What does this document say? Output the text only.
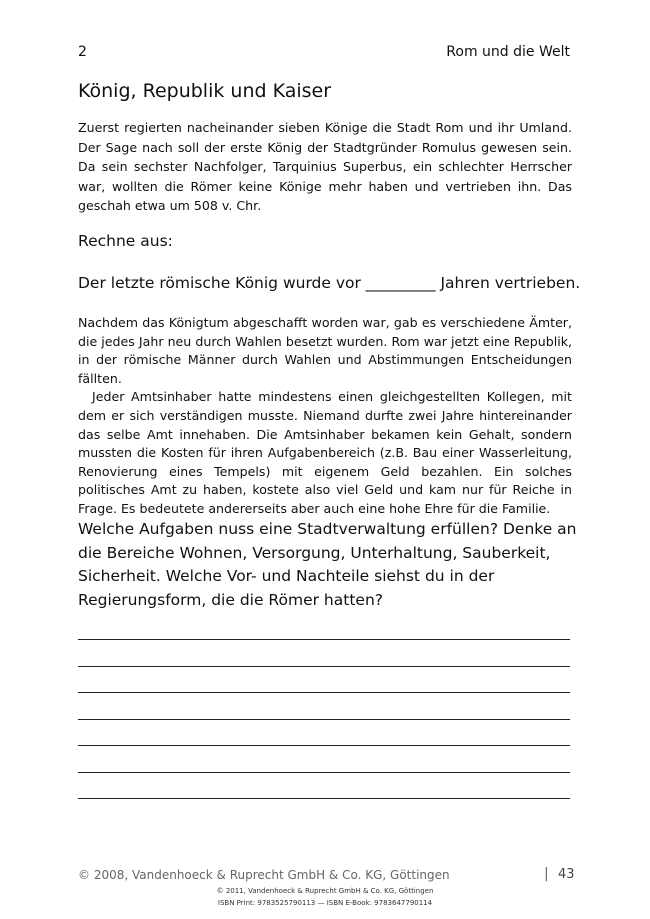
2	Rom und die Welt
König, Republik und Kaiser
Zuerst regierten nacheinander sieben Könige die Stadt Rom und ihr Umland. Der Sage nach soll der erste König der Stadtgründer Romulus gewesen sein. Da sein sechster Nachfolger, Tarquinius Superbus, ein schlechter Herrscher war, wollten die Römer keine Könige mehr haben und vertrieben ihn. Das geschah etwa um 508 v. Chr.
Rechne aus:
Der letzte römische König wurde vor _________ Jahren vertrieben.
Nachdem das Königtum abgeschafft worden war, gab es verschiedene Ämter, die jedes Jahr neu durch Wahlen besetzt wurden. Rom war jetzt eine Republik, in der römische Männer durch Wahlen und Abstimmungen Entscheidungen fällten.
Jeder Amtsinhaber hatte mindestens einen gleichgestellten Kollegen, mit dem er sich verständigen musste. Niemand durfte zwei Jahre hintereinander das selbe Amt innehaben. Die Amtsinhaber bekamen kein Gehalt, sondern mussten die Kosten für ihren Aufgabenbereich (z.B. Bau einer Wasserleitung, Renovierung eines Tempels) mit eigenem Geld bezahlen. Ein solches politisches Amt zu haben, kostete also viel Geld und kam nur für Reiche in Frage. Es bedeutete andererseits aber auch eine hohe Ehre für die Familie.
Welche Aufgaben nuss eine Stadtverwaltung erfüllen? Denke an die Bereiche Wohnen, Versorgung, Unterhaltung, Sauberkeit, Sicherheit. Welche Vor- und Nachteile siehst du in der Regierungsform, die die Römer hatten?
© 2008, Vandenhoeck & Ruprecht GmbH & Co. KG, Göttingen	| 43
© 2011, Vandenhoeck & Ruprecht GmbH & Co. KG, Göttingen
ISBN Print: 9783525790113 — ISBN E-Book: 9783647790114
